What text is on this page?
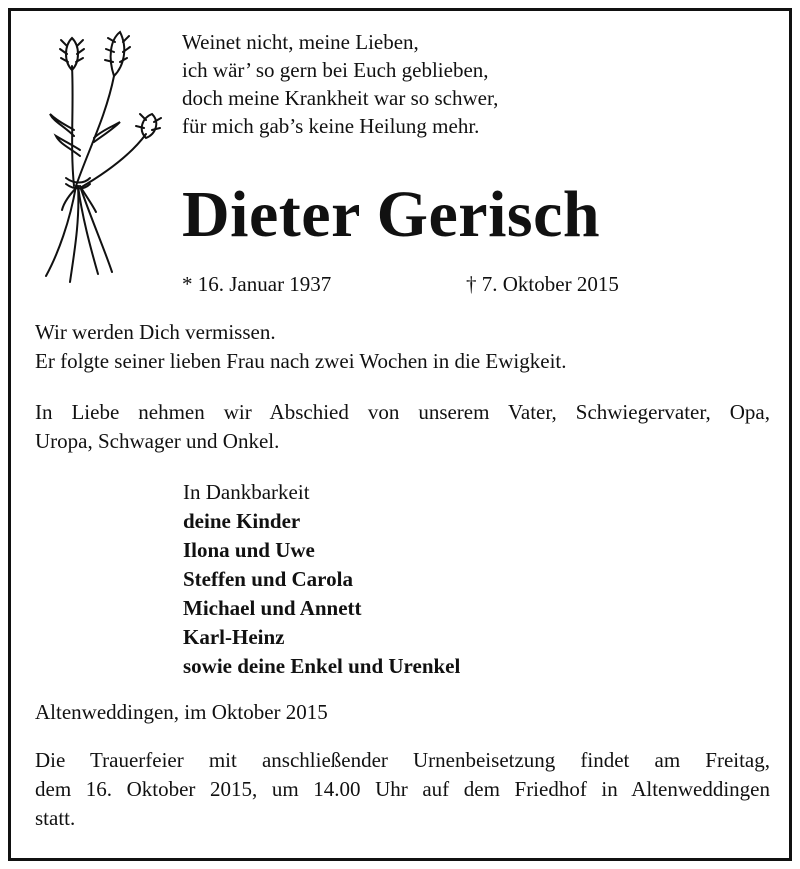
Weinet nicht, meine Lieben,
ich wär’ so gern bei Euch geblieben,
doch meine Krankheit war so schwer,
für mich gab’s keine Heilung mehr.
Dieter Gerisch
* 16. Januar 1937	† 7. Oktober 2015
Wir werden Dich vermissen.
Er folgte seiner lieben Frau nach zwei Wochen in die Ewigkeit.
In Liebe nehmen wir Abschied von unserem Vater, Schwiegervater, Opa,
Uropa, Schwager und Onkel.
In Dankbarkeit
deine Kinder
Ilona und Uwe
Steffen und Carola
Michael und Annett
Karl-Heinz
sowie deine Enkel und Urenkel
Altenweddingen, im Oktober 2015
Die Trauerfeier mit anschließender Urnenbeisetzung findet am Freitag,
dem 16. Oktober 2015, um 14.00 Uhr auf dem Friedhof in Altenweddingen
statt.
